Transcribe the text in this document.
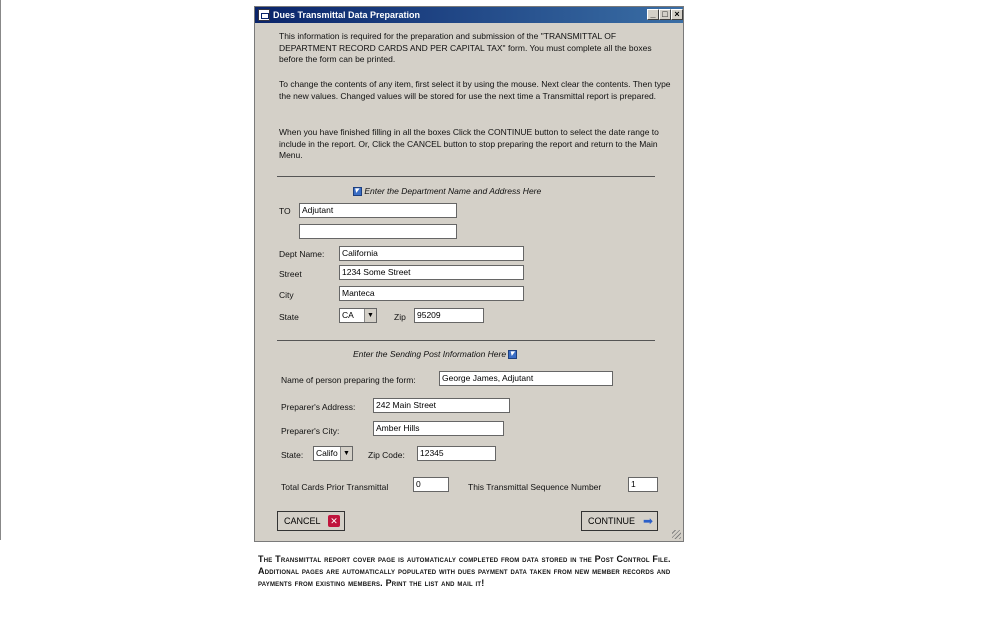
Dues Transmittal Data Preparation	_ □ ×
This information is required for the preparation and submission of the "TRANSMITTAL OF DEPARTMENT RECORD CARDS AND PER CAPITAL TAX" form. You must complete all the boxes before the form can be printed.
To change the contents of any item, first select it by using the mouse. Next clear the contents. Then type the new values. Changed values will be stored for use the next time a Transmittal report is prepared.
When you have finished filling in all the boxes Click the CONTINUE button to select the date range to include in the report. Or, Click the CANCEL button to stop preparing the report and return to the Main Menu.
▾ Enter the Department Name and Address Here
TO	Adjutant
Dept Name:	California
Street	1234 Some Street
City	Manteca
State	CA	▼ Zip	95209
Enter the Sending Post Information Here ▾
Name of person preparing the form:	George James, Adjutant
Preparer's Address:	242 Main Street
Preparer's City:	Amber Hills
State:	Califo ▼ Zip Code:	12345
Total Cards Prior Transmittal	0	This Transmittal Sequence Number	1
CANCEL ✕	CONTINUE ➡
The Transmittal report cover page is automaticaly completed from data stored in the Post Control File. Additional pages are automatically populated with dues payment data taken from new member records and payments from existing members. Print the list and mail it!
